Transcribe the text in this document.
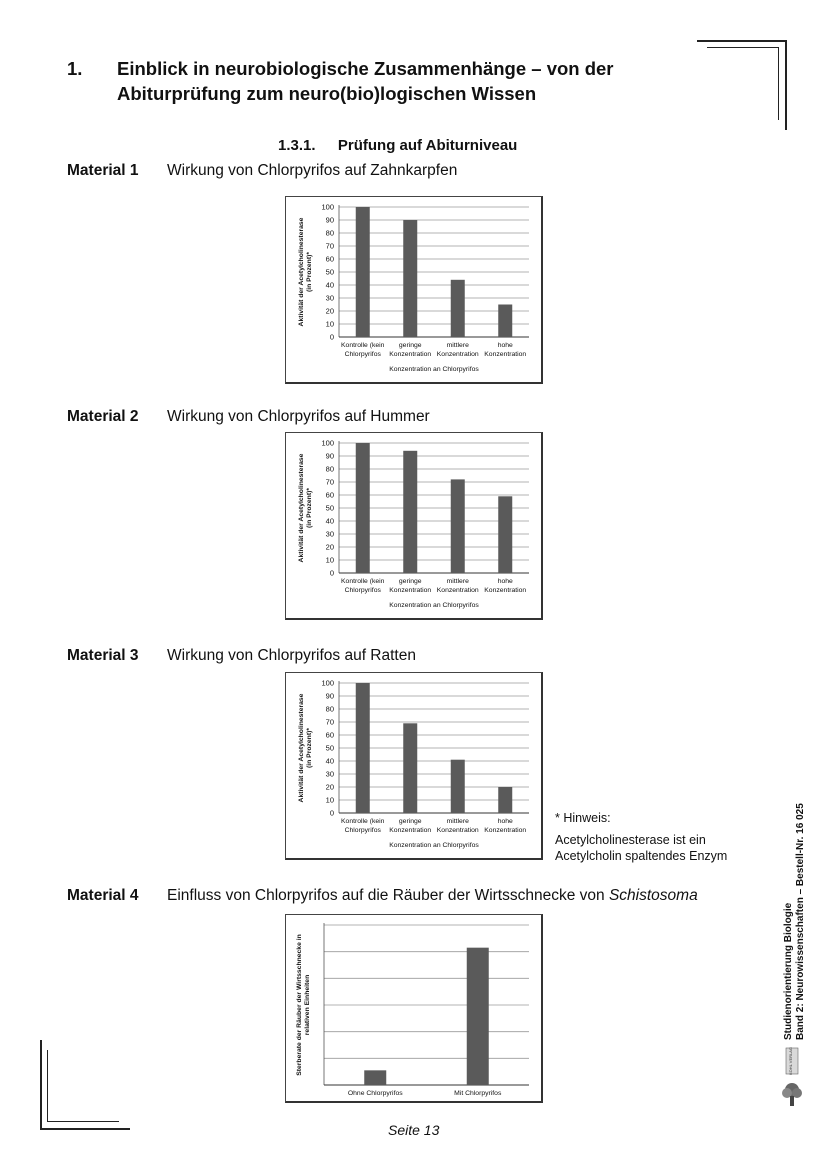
1. Einblick in neurobiologische Zusammenhänge – von der
Abiturprüfung zum neuro(bio)logischen Wissen
1.3.1. Prüfung auf Abiturniveau
Material 1 Wirkung von Chlorpyrifos auf Zahnkarpfen
0
10
20
30
40
50
60
70
80
90
100
Kontrolle (kein
Chlorpyrifos
geringe
Konzentration
mittlere
Konzentration
hohe
Konzentration
Konzentration an Chlorpyrifos
Aktivität der Acetylcholinesterase (in Prozent)*
Material 2 Wirkung von Chlorpyrifos auf Hummer
0
10
20
30
40
50
60
70
80
90
100
Kontrolle (kein
Chlorpyrifos
geringe
Konzentration
mittlere
Konzentration
hohe
Konzentration
Konzentration an Chlorpyrifos
Aktivität der Acetylcholinesterase (in Prozent)*
Material 3 Wirkung von Chlorpyrifos auf Ratten
0
10
20
30
40
50
60
70
80
90
100
Kontrolle (kein
Chlorpyrifos
geringe
Konzentration
mittlere
Konzentration
hohe
Konzentration
Konzentration an Chlorpyrifos
Aktivität der Acetylcholinesterase (in Prozent)*
* Hinweis:
Acetylcholinesterase ist ein
Acetylcholin spaltendes Enzym
Material 4 Einfluss von Chlorpyrifos auf die Räuber der Wirtsschnecke von Schistosoma
Ohne Chlorpyrifos	Mit Chlorpyrifos
Sterberate der Räuber der Wirtsschnecke in relativen Einheiten
Seite 13
Studienorientierung Biologie Band 2: Neurowissenschaften – Bestell-Nr. 16 025
KOHL VERLAG
